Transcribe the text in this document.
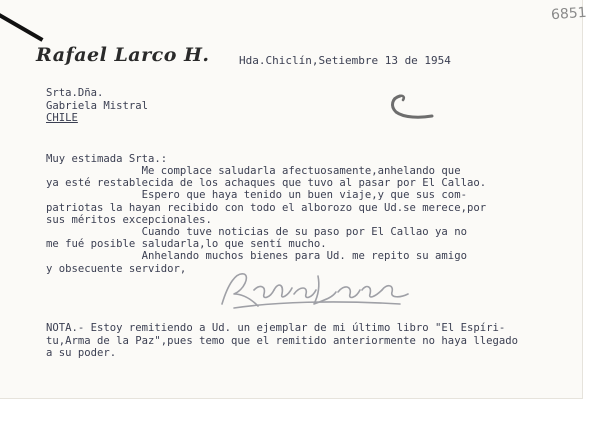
6851
Rafael Larco H.	Hda.Chiclín,Setiembre 13 de 1954
Srta.Dña.
Gabriela Mistral
CHILE
Muy estimada Srta.:
Me complace saludarla afectuosamente,anhelando que
ya esté restablecida de los achaques que tuvo al pasar por El Callao.
Espero que haya tenido un buen viaje,y que sus com-
patriotas la hayan recibido con todo el alborozo que Ud.se merece,por
sus méritos excepcionales.
Cuando tuve noticias de su paso por El Callao ya no
me fué posible saludarla,lo que sentí mucho.
Anhelando muchos bienes para Ud. me repito su amigo
y obsecuente servidor,
NOTA.- Estoy remitiendo a Ud. un ejemplar de mi último libro "El Espíri-
tu,Arma de la Paz",pues temo que el remitido anteriormente no haya llegado
a su poder.
